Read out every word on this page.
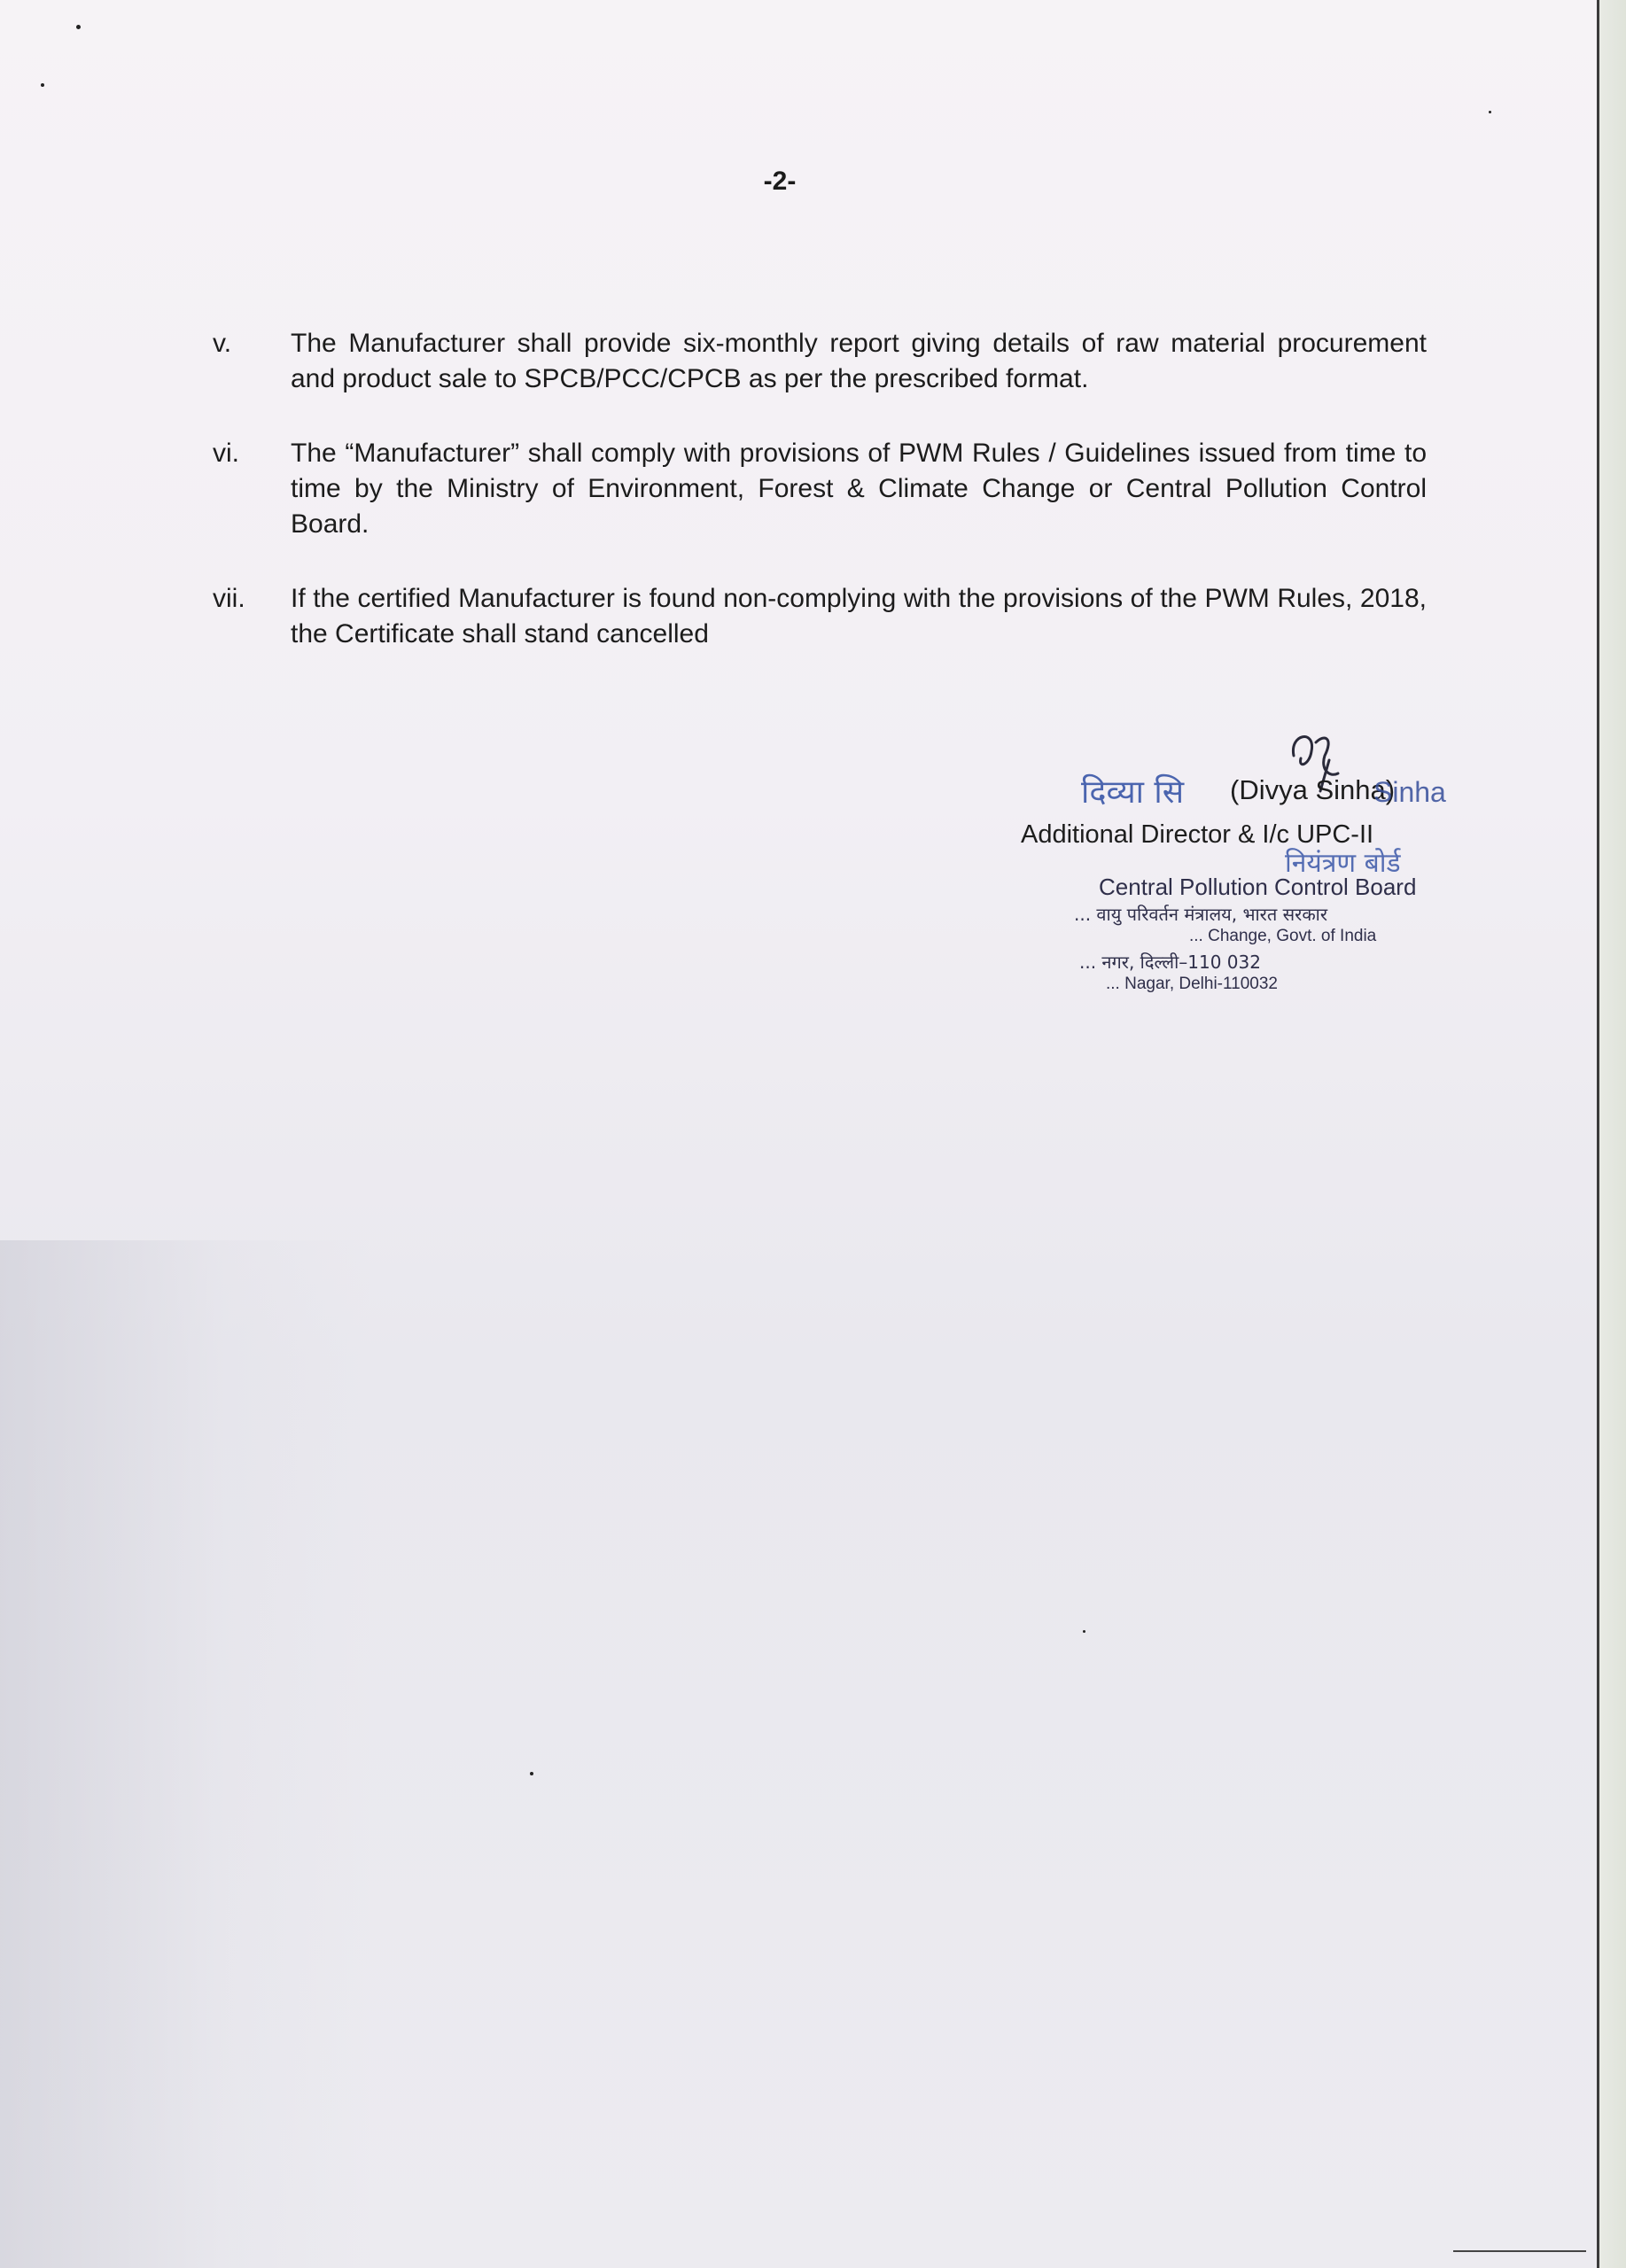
-2-
v.	The Manufacturer shall provide six-monthly report giving details of raw material procurement and product sale to SPCB/PCC/CPCB as per the prescribed format.
vi.	The “Manufacturer” shall comply with provisions of PWM Rules / Guidelines issued from time to time by the Ministry of Environment, Forest & Climate Change or Central Pollution Control Board.
vii.	If the certified Manufacturer is found non-complying with the provisions of the PWM Rules, 2018, the Certificate shall stand cancelled
दिव्या सि (Divya Sinha)
Sinha
Additional Director & I/c UPC-II
नियंत्रण बोर्ड
Central Pollution Control Board
... वायु परिवर्तन मंत्रालय, भारत सरकार
... Change, Govt. of India
... नगर, दिल्ली–110 032
... Nagar, Delhi-110032
